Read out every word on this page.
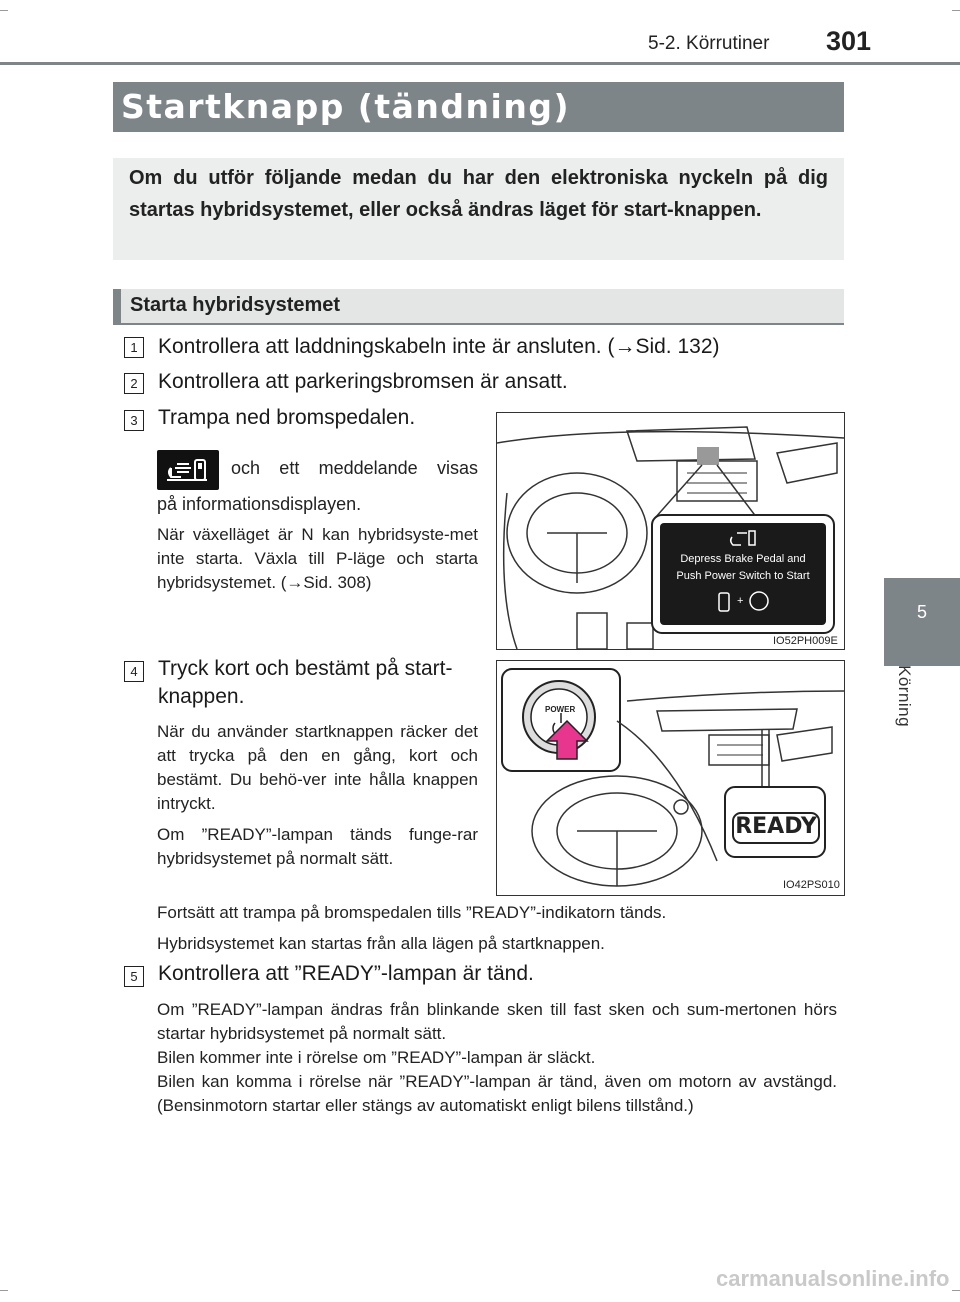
5-2. Körrutiner 301
5
Körning
Startknapp (tändning)

Om du utför följande medan du har den elektroniska nyckeln på dig startas hybridsystemet, eller också ändras läget för start-knappen.

Starta hybridsystemet
1 Kontrollera att laddningskabeln inte är ansluten. (→Sid. 132)
2 Kontrollera att parkeringsbromsen är ansatt.
3 Trampa ned bromspedalen.
och ett meddelande visas
på informationsdisplayen.
När växelläget är N kan hybridsyste-met inte starta. Växla till P-läge och starta hybridsystemet. (→Sid. 308)
Depress Brake Pedal and
Push Power Switch to Start
+
IO52PH009E
4 Tryck kort och bestämt på start-
knappen.
När du använder startknappen räcker det att trycka på den en gång, kort och bestämt. Du behö-ver inte hålla knappen intryckt.
Om ”READY”-lampan tänds funge-rar hybridsystemet på normalt sätt.
POWER
READY
IO42PS010
Fortsätt att trampa på bromspedalen tills ”READY”-indikatorn tänds.
Hybridsystemet kan startas från alla lägen på startknappen.
5 Kontrollera att ”READY”-lampan är tänd.
Om ”READY”-lampan ändras från blinkande sken till fast sken och sum-mertonen hörs startar hybridsystemet på normalt sätt.
Bilen kommer inte i rörelse om ”READY”-lampan är släckt.
Bilen kan komma i rörelse när ”READY”-lampan är tänd, även om motorn av avstängd. (Bensinmotorn startar eller stängs av automatiskt enligt bilens tillstånd.)
carmanualsonline.info
